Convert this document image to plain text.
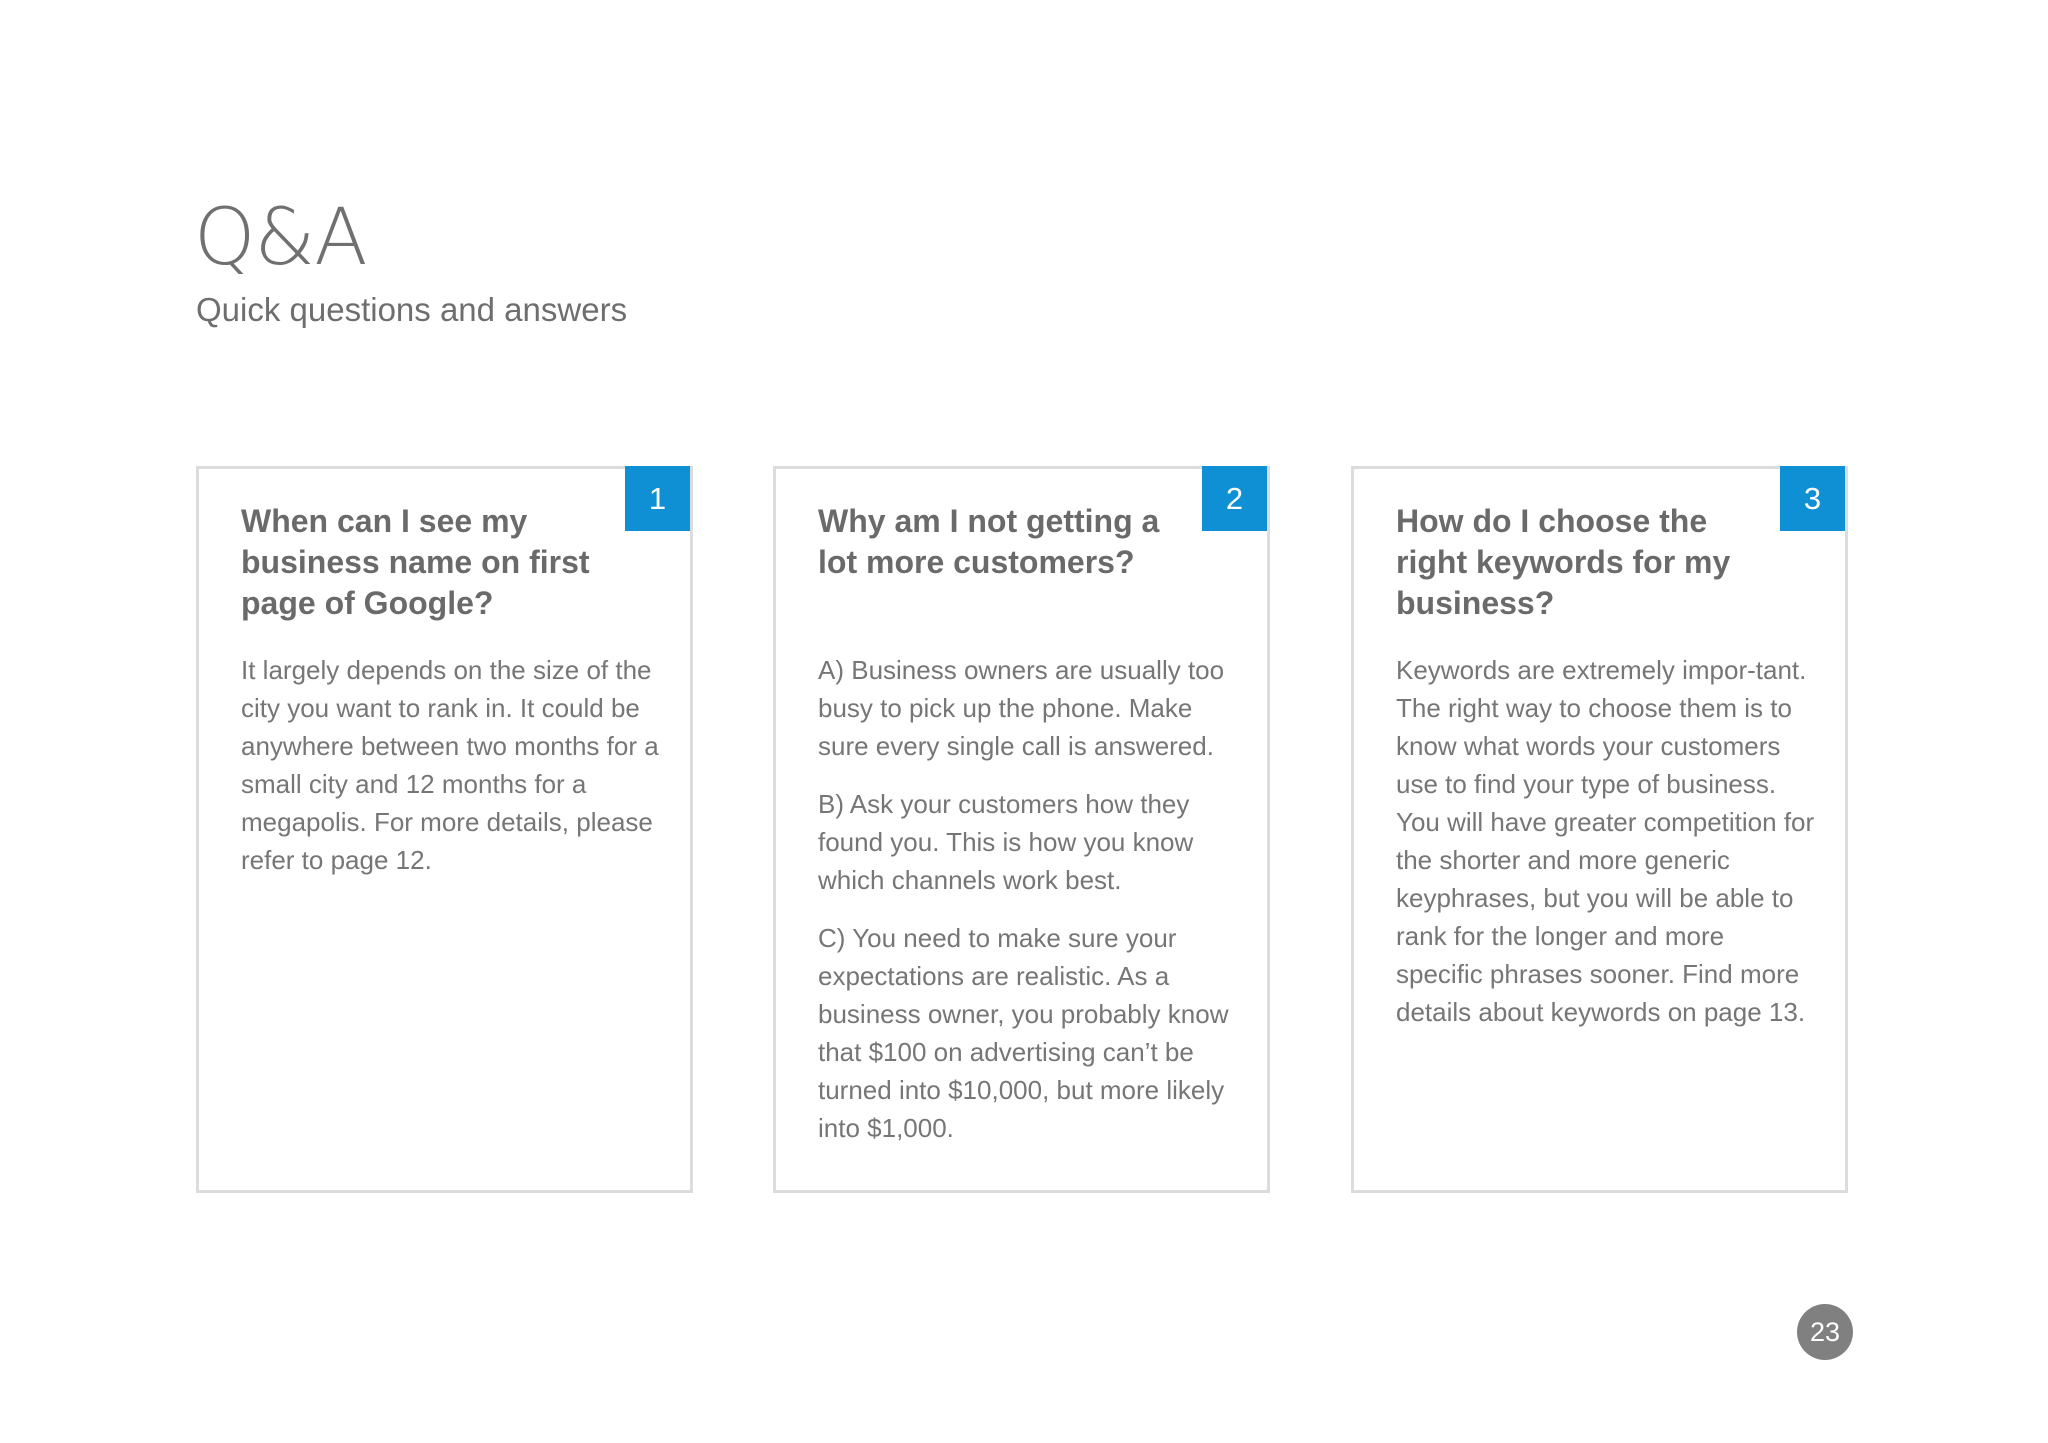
Q&A

Quick questions and answers

1
When can I see my business name on first page of Google?

It largely depends on the size of the city you want to rank in. It could be anywhere between two months for a small city and 12 months for a megapolis. For more details, please refer to page 12.

2
Why am I not getting a lot more customers?

A) Business owners are usually too busy to pick up the phone. Make sure every single call is answered.

B) Ask your customers how they found you. This is how you know which channels work best.

C) You need to make sure your expectations are realistic. As a business owner, you probably know that $100 on advertising can’t be turned into $10,000, but more likely into $1,000.

3
How do I choose the right keywords for my business?

Keywords are extremely impor-tant. The right way to choose them is to know what words your customers use to find your type of business. You will have greater competition for the shorter and more generic keyphrases, but you will be able to rank for the longer and more specific phrases sooner. Find more details about keywords on page 13.

23
